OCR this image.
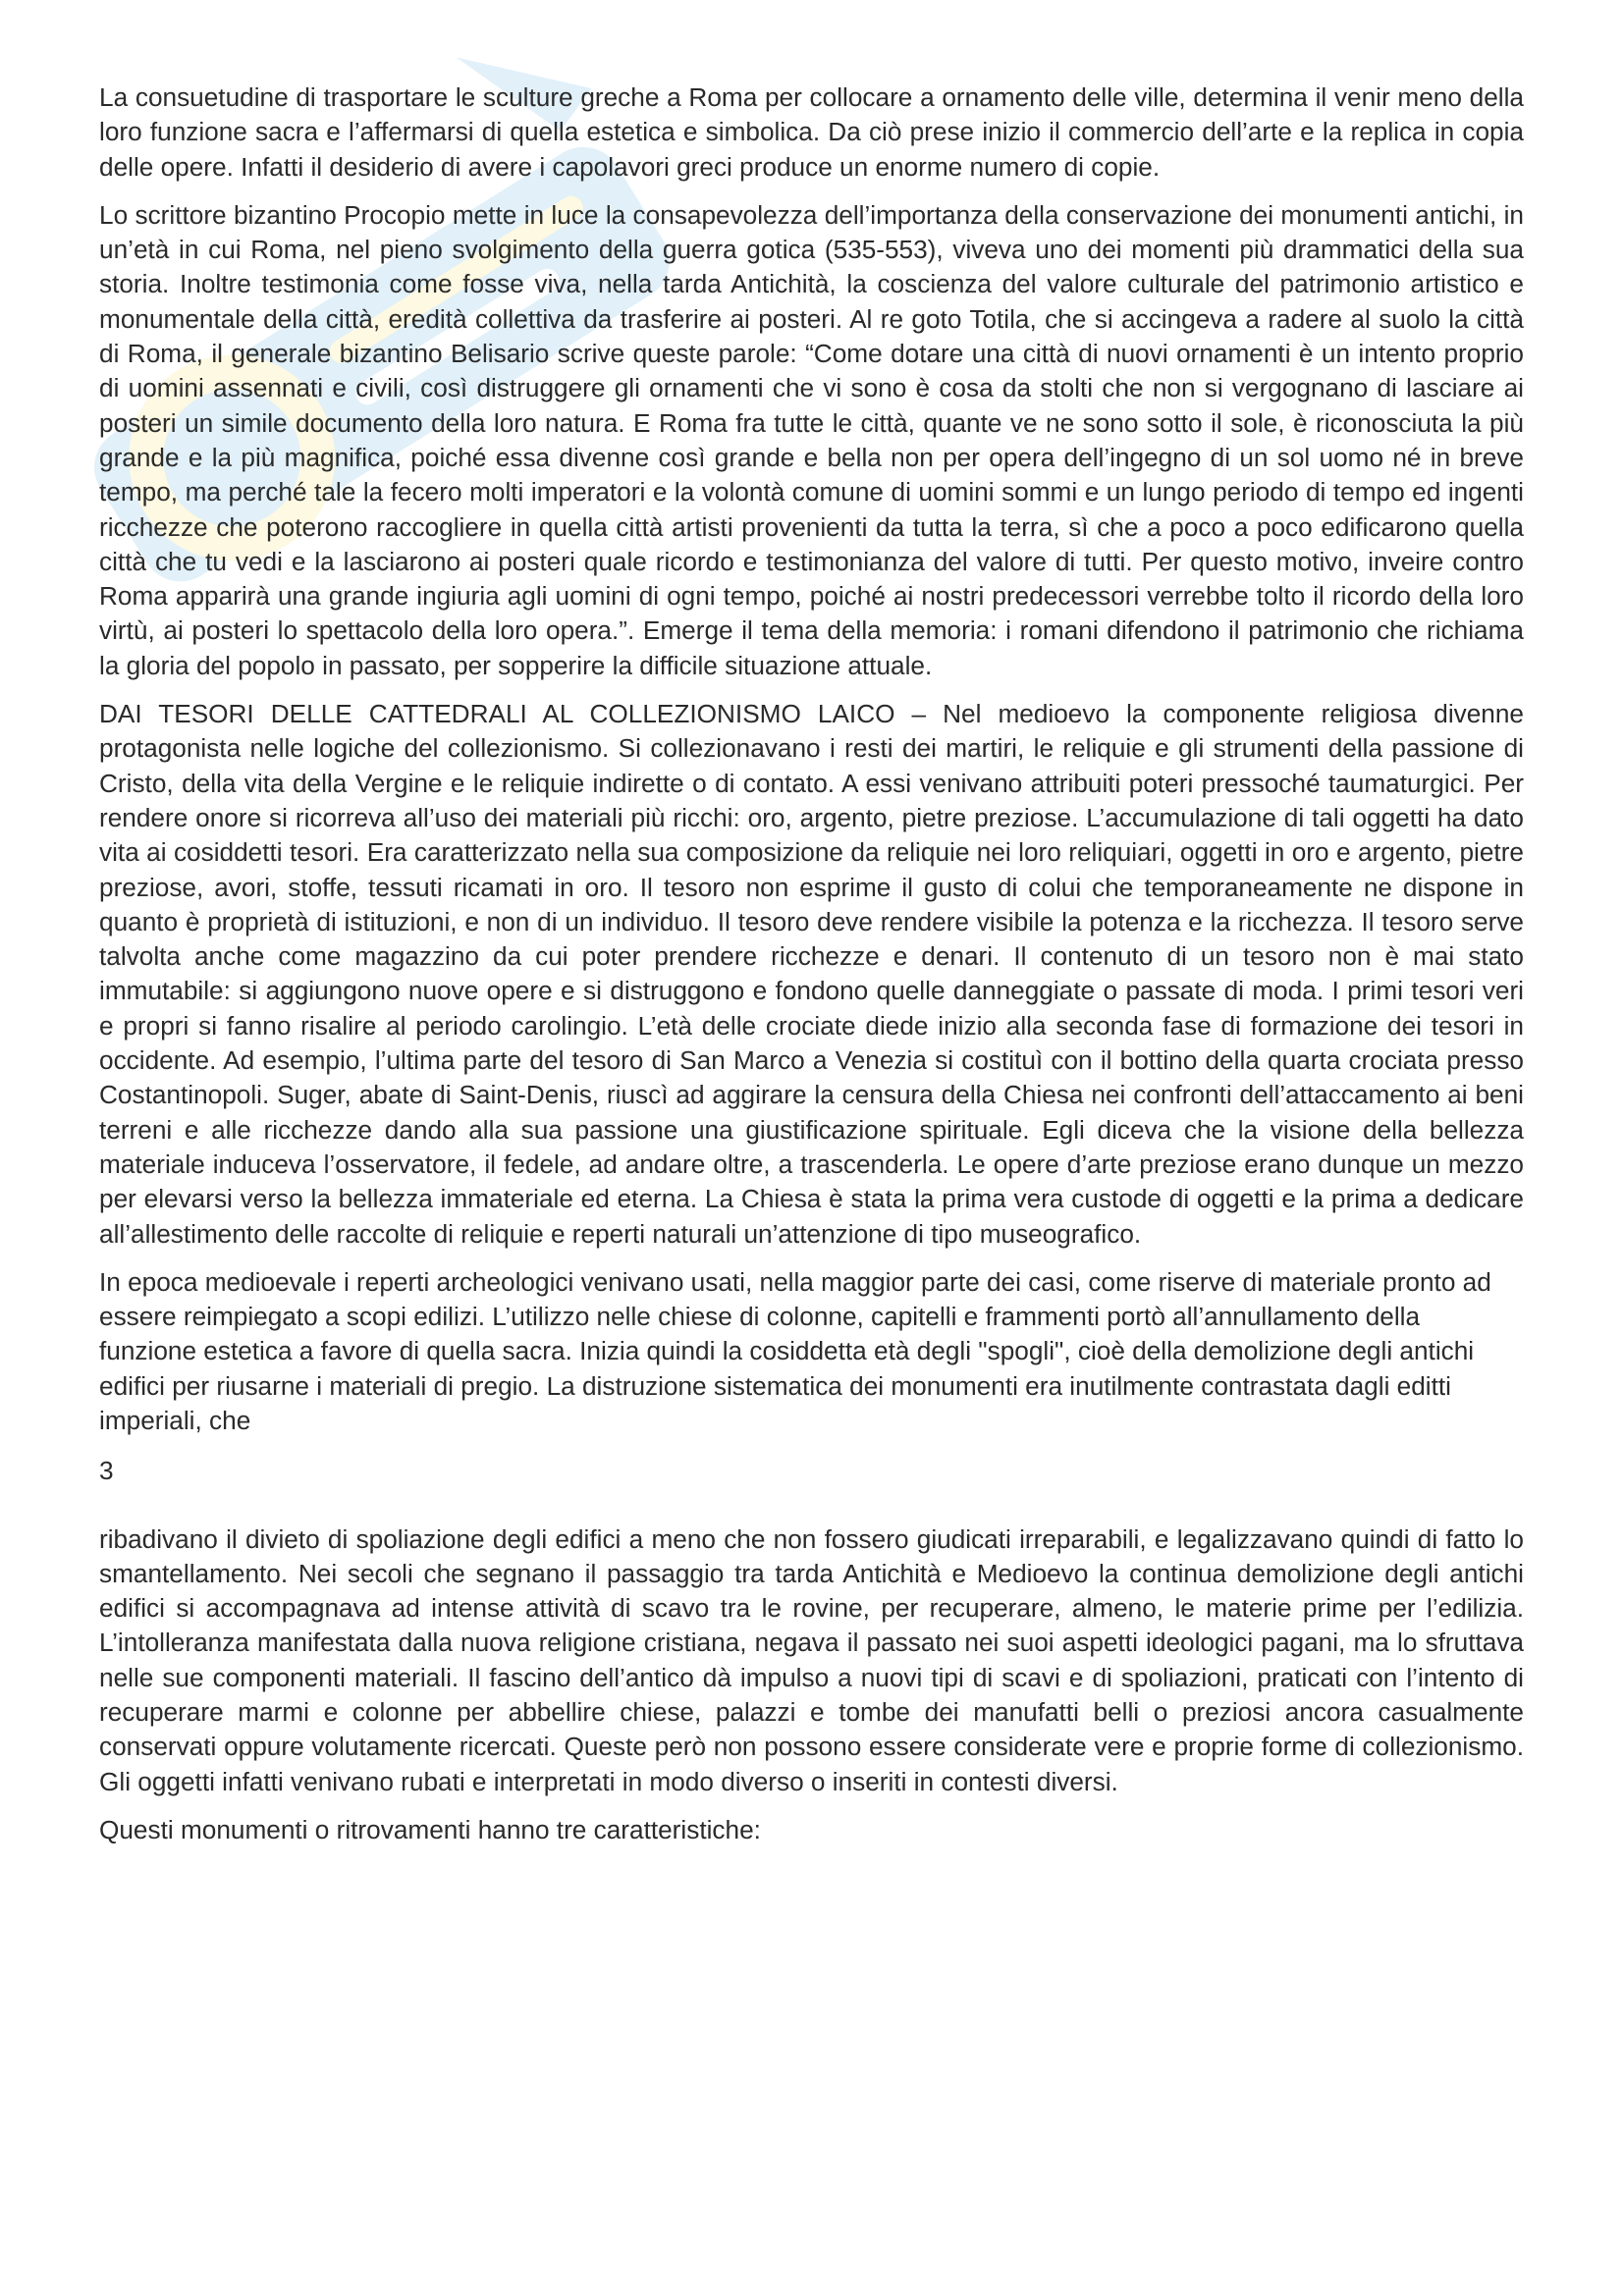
La consuetudine di trasportare le sculture greche a Roma per collocare a ornamento delle ville, determina il venir meno della loro funzione sacra e l’affermarsi di quella estetica e simbolica. Da ciò prese inizio il commercio dell’arte e la replica in copia delle opere. Infatti il desiderio di avere i capolavori greci produce un enorme numero di copie.

Lo scrittore bizantino Procopio mette in luce la consapevolezza dell’importanza della conservazione dei monumenti antichi, in un’età in cui Roma, nel pieno svolgimento della guerra gotica (535-553), viveva uno dei momenti più drammatici della sua storia. Inoltre testimonia come fosse viva, nella tarda Antichità, la coscienza del valore culturale del patrimonio artistico e monumentale della città, eredità collettiva da trasferire ai posteri. Al re goto Totila, che si accingeva a radere al suolo la città di Roma, il generale bizantino Belisario scrive queste parole: “Come dotare una città di nuovi ornamenti è un intento proprio di uomini assennati e civili, così distruggere gli ornamenti che vi sono è cosa da stolti che non si vergognano di lasciare ai posteri un simile documento della loro natura. E Roma fra tutte le città, quante ve ne sono sotto il sole, è riconosciuta la più grande e la più magnifica, poiché essa divenne così grande e bella non per opera dell’ingegno di un sol uomo né in breve tempo, ma perché tale la fecero molti imperatori e la volontà comune di uomini sommi e un lungo periodo di tempo ed ingenti ricchezze che poterono raccogliere in quella città artisti provenienti da tutta la terra, sì che a poco a poco edificarono quella città che tu vedi e la lasciarono ai posteri quale ricordo e testimonianza del valore di tutti. Per questo motivo, inveire contro Roma apparirà una grande ingiuria agli uomini di ogni tempo, poiché ai nostri predecessori verrebbe tolto il ricordo della loro virtù, ai posteri lo spettacolo della loro opera.”. Emerge il tema della memoria: i romani difendono il patrimonio che richiama la gloria del popolo in passato, per sopperire la difficile situazione attuale.

DAI TESORI DELLE CATTEDRALI AL COLLEZIONISMO LAICO – Nel medioevo la componente religiosa divenne protagonista nelle logiche del collezionismo. Si collezionavano i resti dei martiri, le reliquie e gli strumenti della passione di Cristo, della vita della Vergine e le reliquie indirette o di contato. A essi venivano attribuiti poteri pressoché taumaturgici. Per rendere onore si ricorreva all’uso dei materiali più ricchi: oro, argento, pietre preziose. L’accumulazione di tali oggetti ha dato vita ai cosiddetti tesori. Era caratterizzato nella sua composizione da reliquie nei loro reliquiari, oggetti in oro e argento, pietre preziose, avori, stoffe, tessuti ricamati in oro. Il tesoro non esprime il gusto di colui che temporaneamente ne dispone in quanto è proprietà di istituzioni, e non di un individuo. Il tesoro deve rendere visibile la potenza e la ricchezza. Il tesoro serve talvolta anche come magazzino da cui poter prendere ricchezze e denari. Il contenuto di un tesoro non è mai stato immutabile: si aggiungono nuove opere e si distruggono e fondono quelle danneggiate o passate di moda. I primi tesori veri e propri si fanno risalire al periodo carolingio. L’età delle crociate diede inizio alla seconda fase di formazione dei tesori in occidente. Ad esempio, l’ultima parte del tesoro di San Marco a Venezia si costituì con il bottino della quarta crociata presso Costantinopoli. Suger, abate di Saint-Denis, riuscì ad aggirare la censura della Chiesa nei confronti dell’attaccamento ai beni terreni e alle ricchezze dando alla sua passione una giustificazione spirituale. Egli diceva che la visione della bellezza materiale induceva l’osservatore, il fedele, ad andare oltre, a trascenderla. Le opere d’arte preziose erano dunque un mezzo per elevarsi verso la bellezza immateriale ed eterna. La Chiesa è stata la prima vera custode di oggetti e la prima a dedicare all’allestimento delle raccolte di reliquie e reperti naturali un’attenzione di tipo museografico.

In epoca medioevale i reperti archeologici venivano usati, nella maggior parte dei casi, come riserve di materiale pronto ad essere reimpiegato a scopi edilizi. L’utilizzo nelle chiese di colonne, capitelli e frammenti portò all’annullamento della funzione estetica a favore di quella sacra. Inizia quindi la cosiddetta età degli "spogli", cioè della demolizione degli antichi edifici per riusarne i materiali di pregio. La distruzione sistematica dei monumenti era inutilmente contrastata dagli editti imperiali, che

3

ribadivano il divieto di spoliazione degli edifici a meno che non fossero giudicati irreparabili, e legalizzavano quindi di fatto lo smantellamento. Nei secoli che segnano il passaggio tra tarda Antichità e Medioevo la continua demolizione degli antichi edifici si accompagnava ad intense attività di scavo tra le rovine, per recuperare, almeno, le materie prime per l’edilizia. L’intolleranza manifestata dalla nuova religione cristiana, negava il passato nei suoi aspetti ideologici pagani, ma lo sfruttava nelle sue componenti materiali. Il fascino dell’antico dà impulso a nuovi tipi di scavi e di spoliazioni, praticati con l’intento di recuperare marmi e colonne per abbellire chiese, palazzi e tombe dei manufatti belli o preziosi ancora casualmente conservati oppure volutamente ricercati. Queste però non possono essere considerate vere e proprie forme di collezionismo. Gli oggetti infatti venivano rubati e interpretati in modo diverso o inseriti in contesti diversi.

Questi monumenti o ritrovamenti hanno tre caratteristiche:
